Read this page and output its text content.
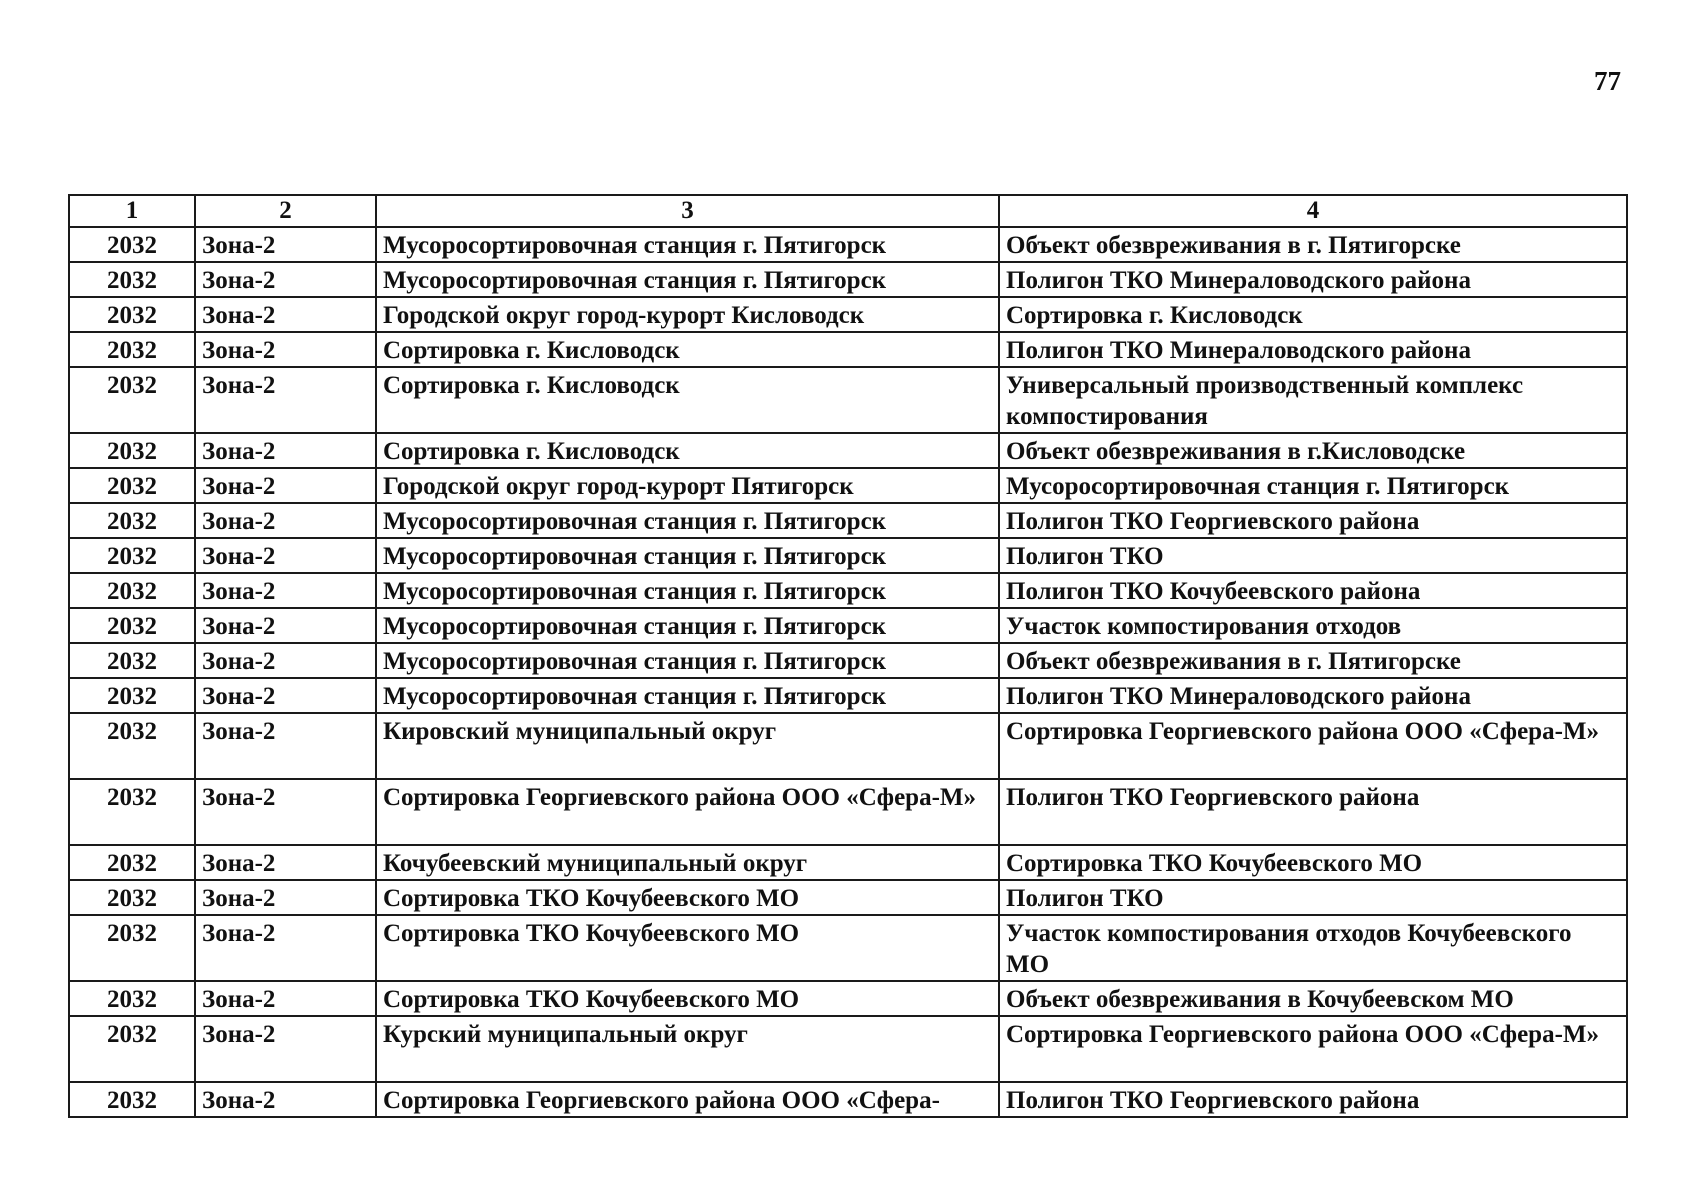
77
1	2	3	4
2032	Зона-2	Мусоросортировочная станция г. Пятигорск	Объект обезвреживания в г. Пятигорске
2032	Зона-2	Мусоросортировочная станция г. Пятигорск	Полигон ТКО Минераловодского района
2032	Зона-2	Городской округ город-курорт Кисловодск	Сортировка г. Кисловодск
2032	Зона-2	Сортировка г. Кисловодск	Полигон ТКО Минераловодского района
2032	Зона-2	Сортировка г. Кисловодск	Универсальный производственный комплекс компостирования
2032	Зона-2	Сортировка г. Кисловодск	Объект обезвреживания в г.Кисловодске
2032	Зона-2	Городской округ город-курорт Пятигорск	Мусоросортировочная станция г. Пятигорск
2032	Зона-2	Мусоросортировочная станция г. Пятигорск	Полигон ТКО Георгиевского района
2032	Зона-2	Мусоросортировочная станция г. Пятигорск	Полигон ТКО
2032	Зона-2	Мусоросортировочная станция г. Пятигорск	Полигон ТКО Кочубеевского района
2032	Зона-2	Мусоросортировочная станция г. Пятигорск	Участок компостирования отходов
2032	Зона-2	Мусоросортировочная станция г. Пятигорск	Объект обезвреживания в г. Пятигорске
2032	Зона-2	Мусоросортировочная станция г. Пятигорск	Полигон ТКО Минераловодского района
2032	Зона-2	Кировский муниципальный округ	Сортировка Георгиевского района ООО «Сфера-М»
2032	Зона-2	Сортировка Георгиевского района ООО «Сфера-М»	Полигон ТКО Георгиевского района
2032	Зона-2	Кочубеевский муниципальный округ	Сортировка ТКО Кочубеевского МО
2032	Зона-2	Сортировка ТКО Кочубеевского МО	Полигон ТКО
2032	Зона-2	Сортировка ТКО Кочубеевского МО	Участок компостирования отходов Кочубеевского МО
2032	Зона-2	Сортировка ТКО Кочубеевского МО	Объект обезвреживания в Кочубеевском МО
2032	Зона-2	Курский муниципальный округ	Сортировка Георгиевского района ООО «Сфера-М»
2032	Зона-2	Сортировка Георгиевского района ООО «Сфера-	Полигон ТКО Георгиевского района
